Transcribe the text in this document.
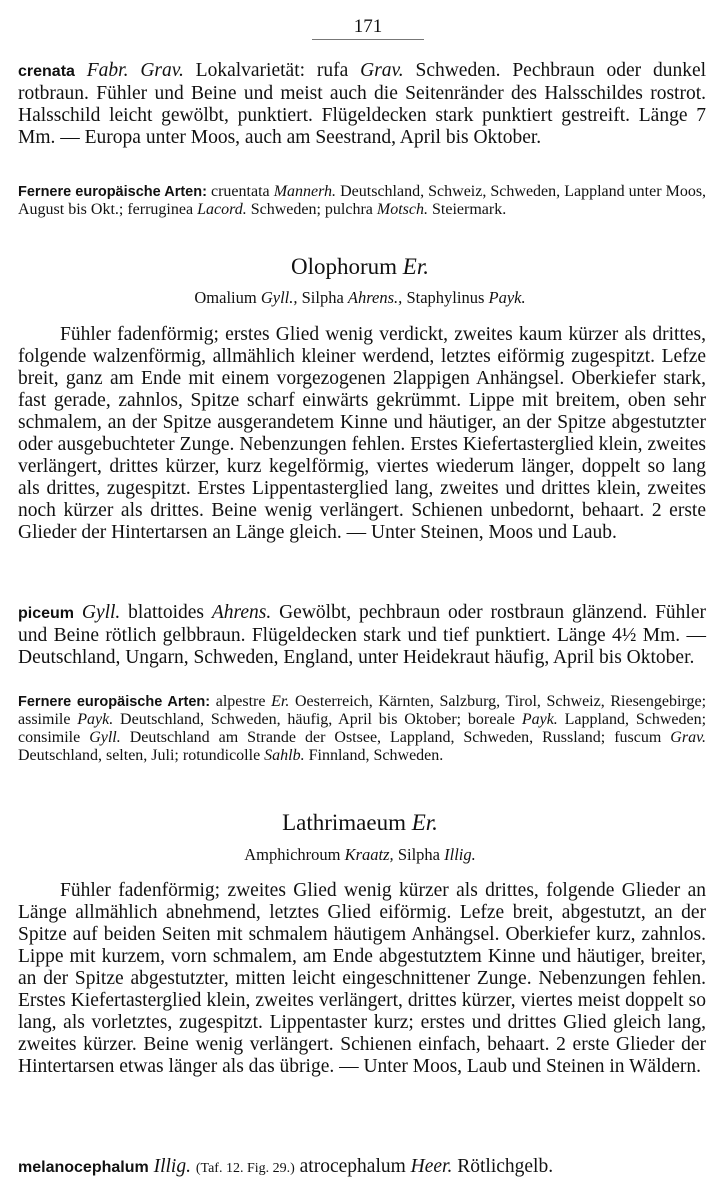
171

crenata Fabr. Grav. Lokalvarietät: rufa Grav. Schweden. Pechbraun oder dunkel rotbraun. Fühler und Beine und meist auch die Seitenränder des Halsschildes rostrot. Halsschild leicht gewölbt, punktiert. Flügeldecken stark punktiert gestreift. Länge 7 Mm. — Europa unter Moos, auch am Seestrand, April bis Oktober.

Fernere europäische Arten: cruentata Mannerh. Deutschland, Schweiz, Schweden, Lappland unter Moos, August bis Okt.; ferruginea Lacord. Schweden; pulchra Motsch. Steiermark.

Olophorum Er.

Omalium Gyll., Silpha Ahrens., Staphylinus Payk.

Fühler fadenförmig; erstes Glied wenig verdickt, zweites kaum kürzer als drittes, folgende walzenförmig, allmählich kleiner werdend, letztes eiförmig zugespitzt. Lefze breit, ganz am Ende mit einem vorgezogenen 2lappigen Anhängsel. Oberkiefer stark, fast gerade, zahnlos, Spitze scharf einwärts gekrümmt. Lippe mit breitem, oben sehr schmalem, an der Spitze ausgerandetem Kinne und häutiger, an der Spitze abgestutzter oder ausgebuchteter Zunge. Nebenzungen fehlen. Erstes Kiefertasterglied klein, zweites verlängert, drittes kürzer, kurz kegelförmig, viertes wiederum länger, doppelt so lang als drittes, zugespitzt. Erstes Lippentasterglied lang, zweites und drittes klein, zweites noch kürzer als drittes. Beine wenig verlängert. Schienen unbedornt, behaart. 2 erste Glieder der Hintertarsen an Länge gleich. — Unter Steinen, Moos und Laub.

piceum Gyll. blattoides Ahrens. Gewölbt, pechbraun oder rostbraun glänzend. Fühler und Beine rötlich gelbbraun. Flügeldecken stark und tief punktiert. Länge 4½ Mm. — Deutschland, Ungarn, Schweden, England, unter Heidekraut häufig, April bis Oktober.

Fernere europäische Arten: alpestre Er. Oesterreich, Kärnten, Salzburg, Tirol, Schweiz, Riesengebirge; assimile Payk. Deutschland, Schweden, häufig, April bis Oktober; boreale Payk. Lappland, Schweden; consimile Gyll. Deutschland am Strande der Ostsee, Lappland, Schweden, Russland; fuscum Grav. Deutschland, selten, Juli; rotundicolle Sahlb. Finnland, Schweden.

Lathrimaeum Er.

Amphichroum Kraatz, Silpha Illig.

Fühler fadenförmig; zweites Glied wenig kürzer als drittes, folgende Glieder an Länge allmählich abnehmend, letztes Glied eiförmig. Lefze breit, abgestutzt, an der Spitze auf beiden Seiten mit schmalem häutigem Anhängsel. Oberkiefer kurz, zahnlos. Lippe mit kurzem, vorn schmalem, am Ende abgestutztem Kinne und häutiger, breiter, an der Spitze abgestutzter, mitten leicht eingeschnittener Zunge. Nebenzungen fehlen. Erstes Kiefertasterglied klein, zweites verlängert, drittes kürzer, viertes meist doppelt so lang, als vorletztes, zugespitzt. Lippentaster kurz; erstes und drittes Glied gleich lang, zweites kürzer. Beine wenig verlängert. Schienen einfach, behaart. 2 erste Glieder der Hintertarsen etwas länger als das übrige. — Unter Moos, Laub und Steinen in Wäldern.

melanocephalum Illig. (Taf. 12. Fig. 29.) atrocephalum Heer. Rötlichgelb.
